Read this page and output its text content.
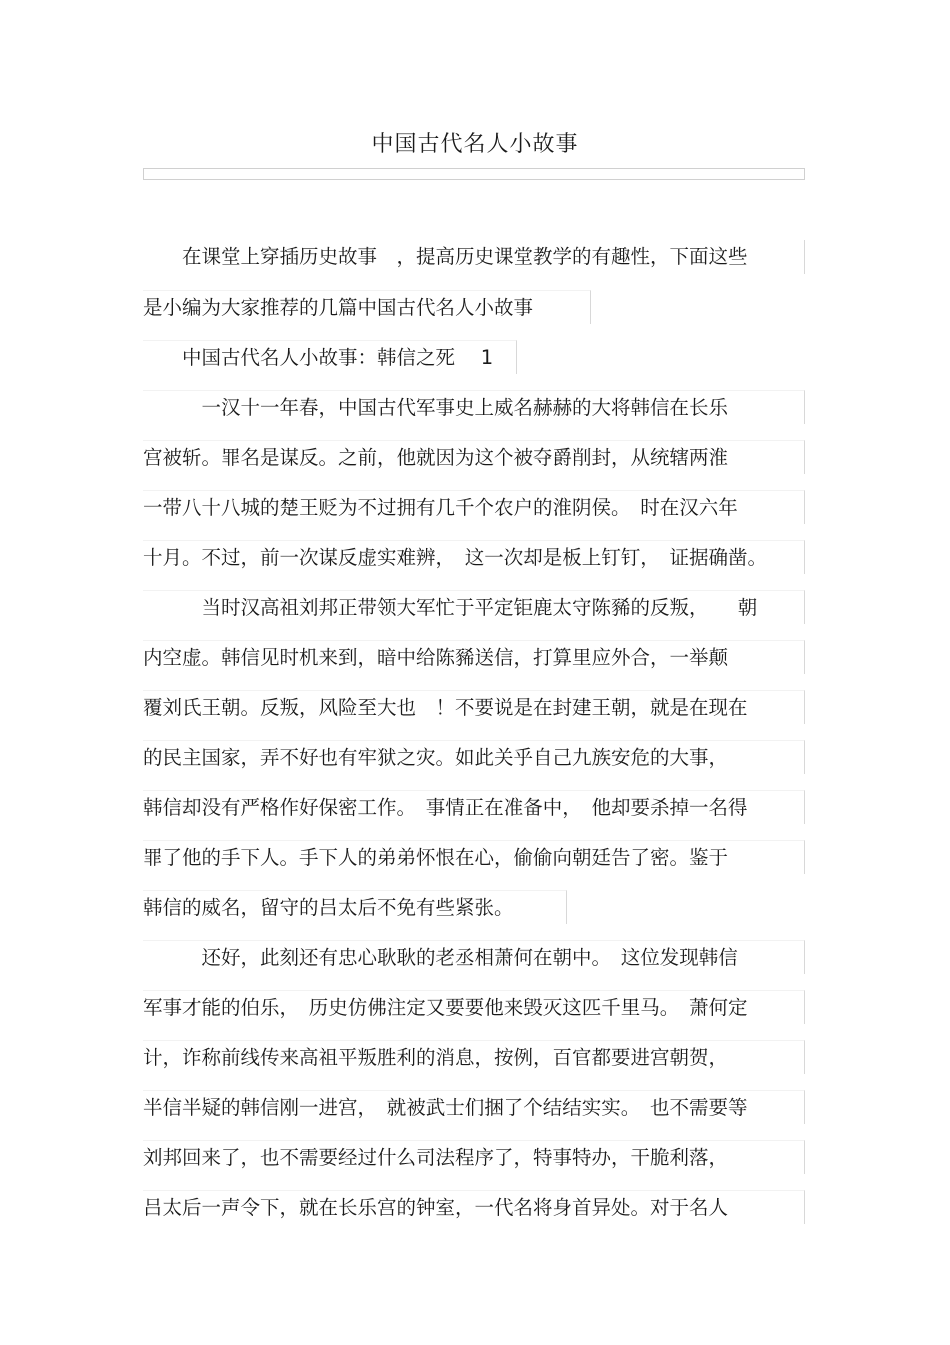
中国古代名人小故事
　　在课堂上穿插历史故事　，提高历史课堂教学的有趣性，下面这些
是小编为大家推荐的几篇中国古代名人小故事
　　中国古代名人小故事：韩信之死　 1
　　　一汉十一年春，中国古代军事史上威名赫赫的大将韩信在长乐
宫被斩。罪名是谋反。之前，他就因为这个被夺爵削封，从统辖两淮
一带八十八城的楚王贬为不过拥有几千个农户的淮阴侯。　时在汉六年
十月。不过，前一次谋反虚实难辨，　这一次却是板上钉钉，　证据确凿。
　　　当时汉高祖刘邦正带领大军忙于平定钜鹿太守陈豨的反叛，　　朝
内空虚。韩信见时机来到，暗中给陈豨送信，打算里应外合，一举颠
覆刘氏王朝。反叛，风险至大也　！不要说是在封建王朝，就是在现在
的民主国家，弄不好也有牢狱之灾。如此关乎自己九族安危的大事，
韩信却没有严格作好保密工作。　事情正在准备中，　他却要杀掉一名得
罪了他的手下人。手下人的弟弟怀恨在心，偷偷向朝廷告了密。鉴于
韩信的威名，留守的吕太后不免有些紧张。
　　　还好，此刻还有忠心耿耿的老丞相萧何在朝中。　这位发现韩信
军事才能的伯乐，　历史仿佛注定又要要他来毁灭这匹千里马。　萧何定
计，诈称前线传来高祖平叛胜利的消息，按例，百官都要进宫朝贺，
半信半疑的韩信刚一进宫，　就被武士们捆了个结结实实。　也不需要等
刘邦回来了，也不需要经过什么司法程序了，特事特办，干脆利落，
吕太后一声令下，就在长乐宫的钟室，一代名将身首异处。对于名人
